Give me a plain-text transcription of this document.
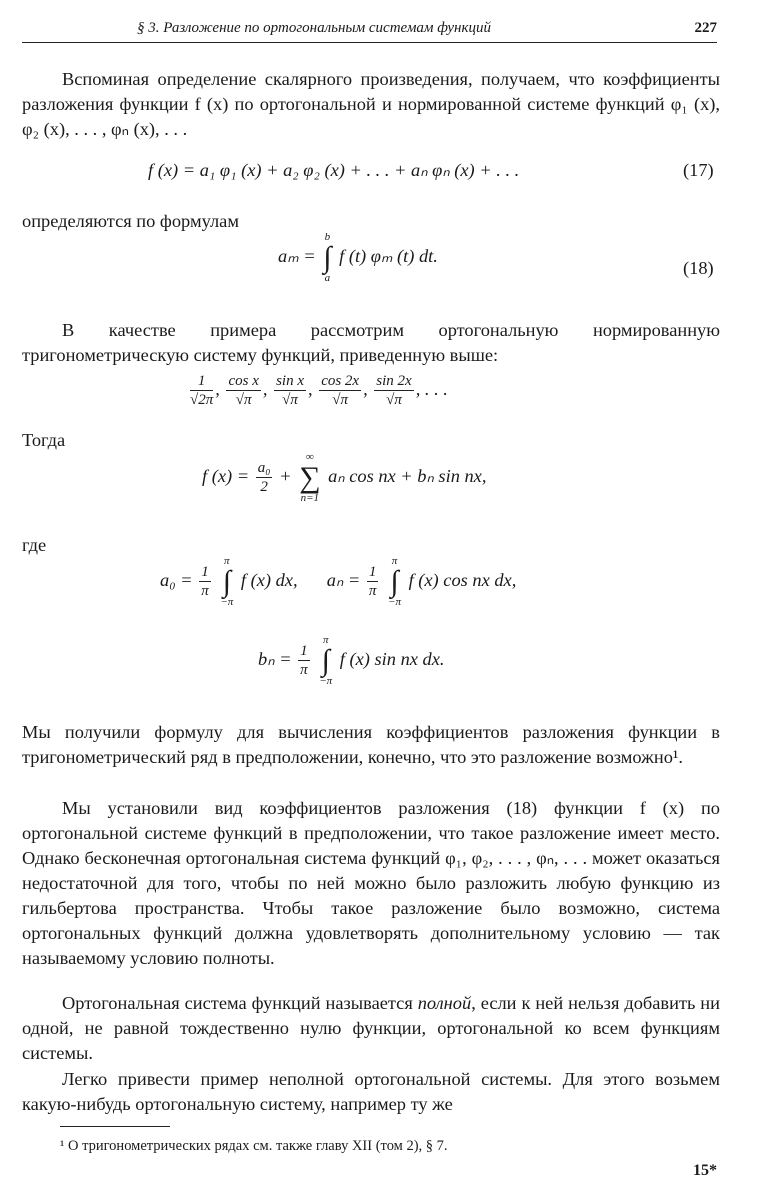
§ 3. Разложение по ортогональным системам функций	227
Вспоминая определение скалярного произведения, получаем, что коэффициенты разложения функции f (x) по ортогональной и нормированной системе функций φ₁ (x), φ₂ (x), . . . , φₙ (x), . . .
f (x) = a₁ φ₁ (x) + a₂ φ₂ (x) + . . . + aₙ φₙ (x) + . . .	(17)
определяются по формулам
aₘ =
b
∫
a
f (t) φₘ (t) dt.
(18)
В качестве примера рассмотрим ортогональную нормированную тригонометрическую систему функций, приведенную выше:
$\frac{1}{√2\pi}$ , $\frac{\text{cos x}}{√\pi}$ , $\frac{\text{sin x}}{√\pi}$ , $\frac{\cos 2x}{√\pi}$ , $\frac{\sin 2x}{√\pi}$ , . . .
Тогда
f $(x) = \frac{\text{a₀}}{2}$ +
∞
∑
n=1
aₙ cos nx + bₙ sin nx,
где
$a_0 = \frac{1}{\pi}$

π
∫
−π
f (x) dx, $a_n = \frac{1}{\pi}$

π
∫
−π
f (x) cos nx dx,
$b_n = \frac{1}{\pi}$

π
∫
−π
f (x) sin nx dx.
Мы получили формулу для вычисления коэффициентов разложения функции в тригонометрический ряд в предположении, конечно, что это разложение возможно¹.
Мы установили вид коэффициентов разложения (18) функции f (x) по ортогональной системе функций в предположении, что такое разложение имеет место. Однако бесконечная ортогональная система функций φ₁, φ₂, . . . , φₙ, . . . может оказаться недостаточной для того, чтобы по ней можно было разложить любую функцию из гильбертова пространства. Чтобы такое разложение было возможно, система ортогональных функций должна удовлетворять дополнительному условию — так называемому условию полноты.
Ортогональная система функций называется полной, если к ней нельзя добавить ни одной, не равной тождественно нулю функции, ортогональной ко всем функциям системы.
Легко привести пример неполной ортогональной системы. Для этого возьмем какую-нибудь ортогональную систему, например ту же
¹ О тригонометрических рядах см. также главу XII (том 2), § 7.
15*
